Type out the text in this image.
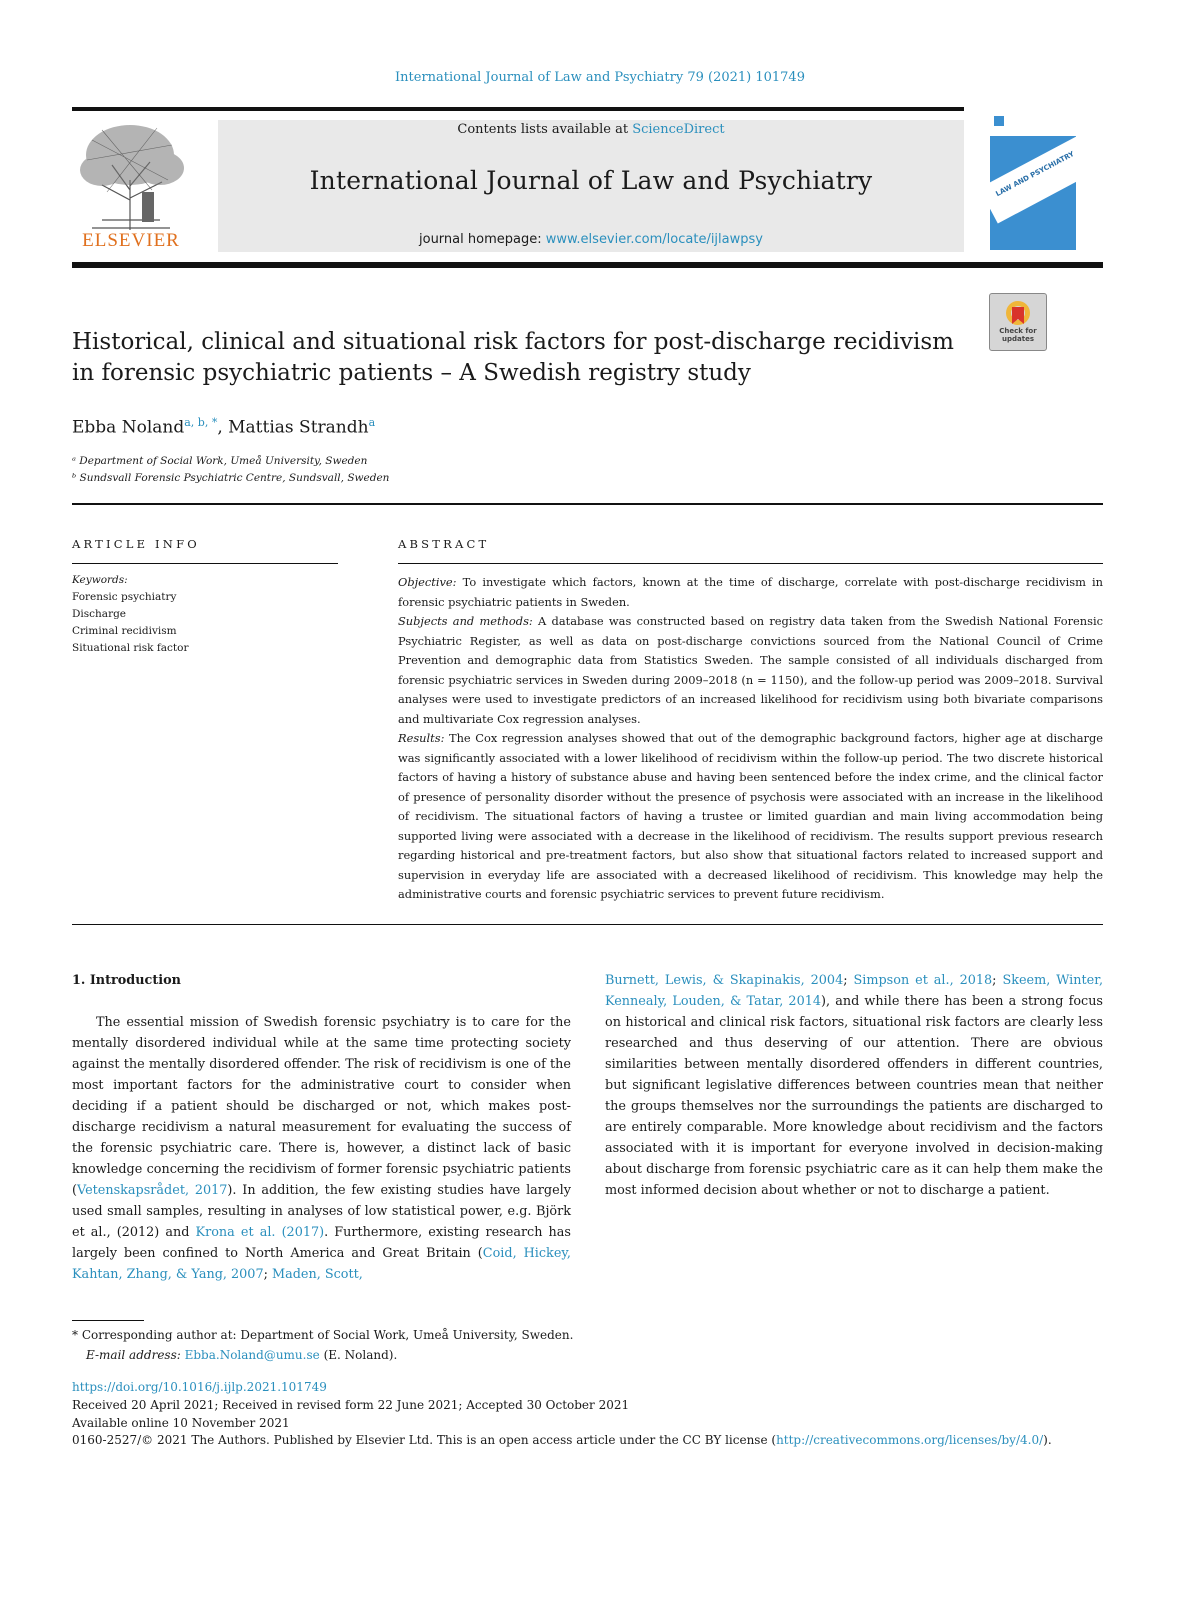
International Journal of Law and Psychiatry 79 (2021) 101749
ELSEVIER
Contents lists available at ScienceDirect
International Journal of Law and Psychiatry
journal homepage: www.elsevier.com/locate/ijlawpsy
LAW AND PSYCHIATRY
Check for updates
Historical, clinical and situational risk factors for post-discharge recidivism
in forensic psychiatric patients – A Swedish registry study
Ebba Noland$^{a, b, *}$, Mattias Strandh$^a$
ᵃ Department of Social Work, Umeå University, Sweden
ᵇ Sundsvall Forensic Psychiatric Centre, Sundsvall, Sweden
ARTICLE INFO	ABSTRACT
Keywords:
Forensic psychiatry
Discharge
Criminal recidivism
Situational risk factor

Objective: To investigate which factors, known at the time of discharge, correlate with post-discharge recidivism in forensic psychiatric patients in Sweden.

Subjects and methods: A database was constructed based on registry data taken from the Swedish National Forensic Psychiatric Register, as well as data on post-discharge convictions sourced from the National Council of Crime Prevention and demographic data from Statistics Sweden. The sample consisted of all individuals discharged from forensic psychiatric services in Sweden during 2009–2018 (n = 1150), and the follow-up period was 2009–2018. Survival analyses were used to investigate predictors of an increased likelihood for recidivism using both bivariate comparisons and multivariate Cox regression analyses.

Results: The Cox regression analyses showed that out of the demographic background factors, higher age at discharge was significantly associated with a lower likelihood of recidivism within the follow-up period. The two discrete historical factors of having a history of substance abuse and having been sentenced before the index crime, and the clinical factor of presence of personality disorder without the presence of psychosis were associated with an increase in the likelihood of recidivism. The situational factors of having a trustee or limited guardian and main living accommodation being supported living were associated with a decrease in the likelihood of recidivism. The results support previous research regarding historical and pre-treatment factors, but also show that situational factors related to increased support and supervision in everyday life are associated with a decreased likelihood of recidivism. This knowledge may help the administrative courts and forensic psychiatric services to prevent future recidivism.

1. Introduction

The essential mission of Swedish forensic psychiatry is to care for the mentally disordered individual while at the same time protecting society against the mentally disordered offender. The risk of recidivism is one of the most important factors for the administrative court to consider when deciding if a patient should be discharged or not, which makes post-discharge recidivism a natural measurement for evaluating the success of the forensic psychiatric care. There is, however, a distinct lack of basic knowledge concerning the recidivism of former forensic psychiatric patients (Vetenskapsrådet, 2017). In addition, the few existing studies have largely used small samples, resulting in analyses of low statistical power, e.g. Björk et al., (2012) and Krona et al. (2017). Furthermore, existing research has largely been confined to North America and Great Britain (Coid, Hickey, Kahtan, Zhang, & Yang, 2007; Maden, Scott,

Burnett, Lewis, & Skapinakis, 2004; Simpson et al., 2018; Skeem, Winter, Kennealy, Louden, & Tatar, 2014), and while there has been a strong focus on historical and clinical risk factors, situational risk factors are clearly less researched and thus deserving of our attention. There are obvious similarities between mentally disordered offenders in different countries, but significant legislative differences between countries mean that neither the groups themselves nor the surroundings the patients are discharged to are entirely comparable. More knowledge about recidivism and the factors associated with it is important for everyone involved in decision-making about discharge from forensic psychiatric care as it can help them make the most informed decision about whether or not to discharge a patient.

* Corresponding author at: Department of Social Work, Umeå University, Sweden.
E-mail address: Ebba.Noland@umu.se (E. Noland).
https://doi.org/10.1016/j.ijlp.2021.101749
Received 20 April 2021; Received in revised form 22 June 2021; Accepted 30 October 2021
Available online 10 November 2021
0160-2527/© 2021 The Authors. Published by Elsevier Ltd. This is an open access article under the CC BY license (http://creativecommons.org/licenses/by/4.0/).
